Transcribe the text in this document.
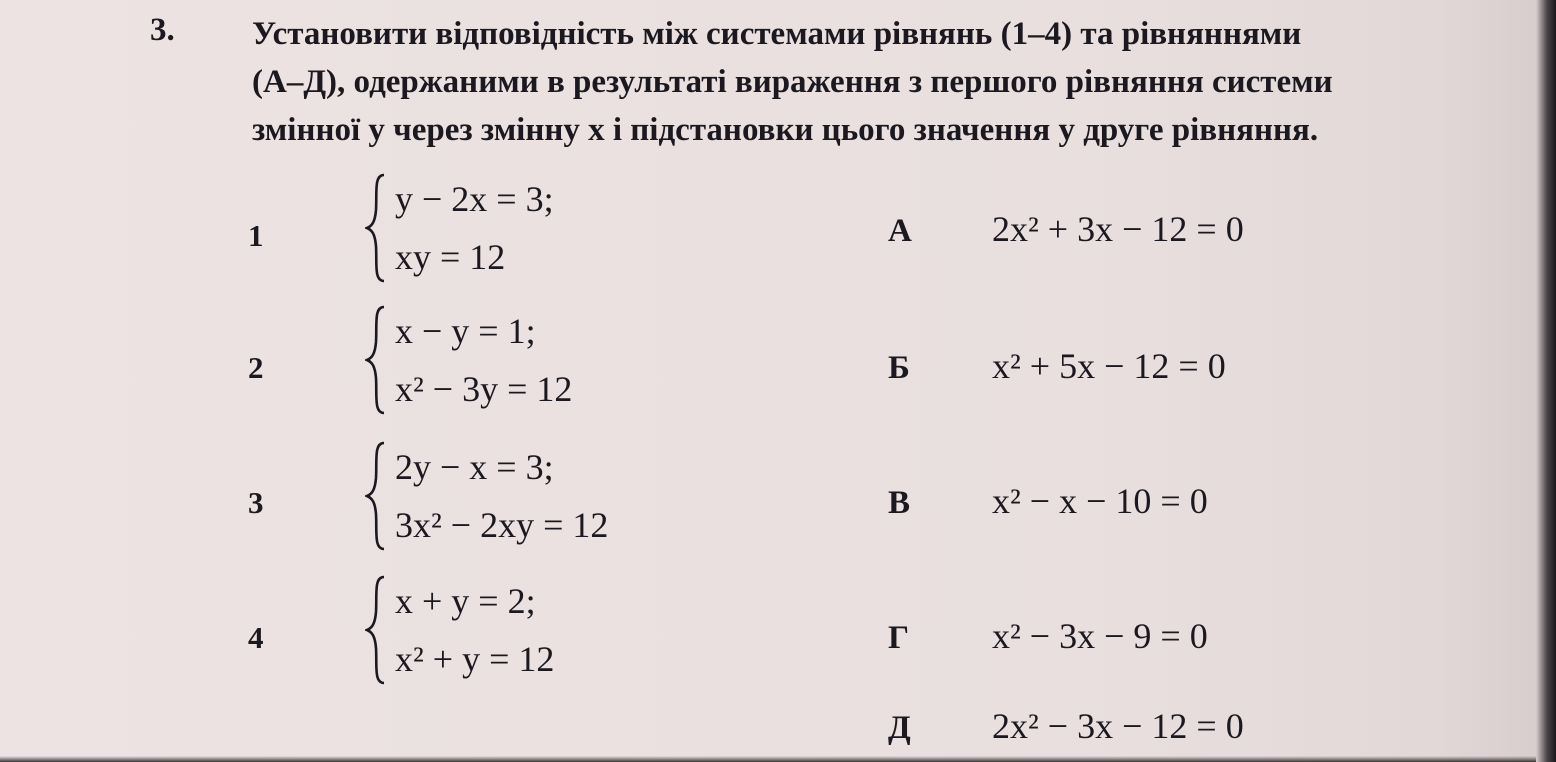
3. Установити відповідність між системами рівнянь (1–4) та рівняннями
(А–Д), одержаними в результаті вираження з першого рівняння системи
змінної y через змінну x і підстановки цього значення у друге рівняння.
1
y − 2x = 3;
xy = 12
2
x − y = 1;
x² − 3y = 12
3
2y − x = 3;
3x² − 2xy = 12
4
x + y = 2;
x² + y = 12
А 2x² + 3x − 12 = 0
Б x² + 5x − 12 = 0
В x² − x − 10 = 0
Г x² − 3x − 9 = 0
Д 2x² − 3x − 12 = 0
